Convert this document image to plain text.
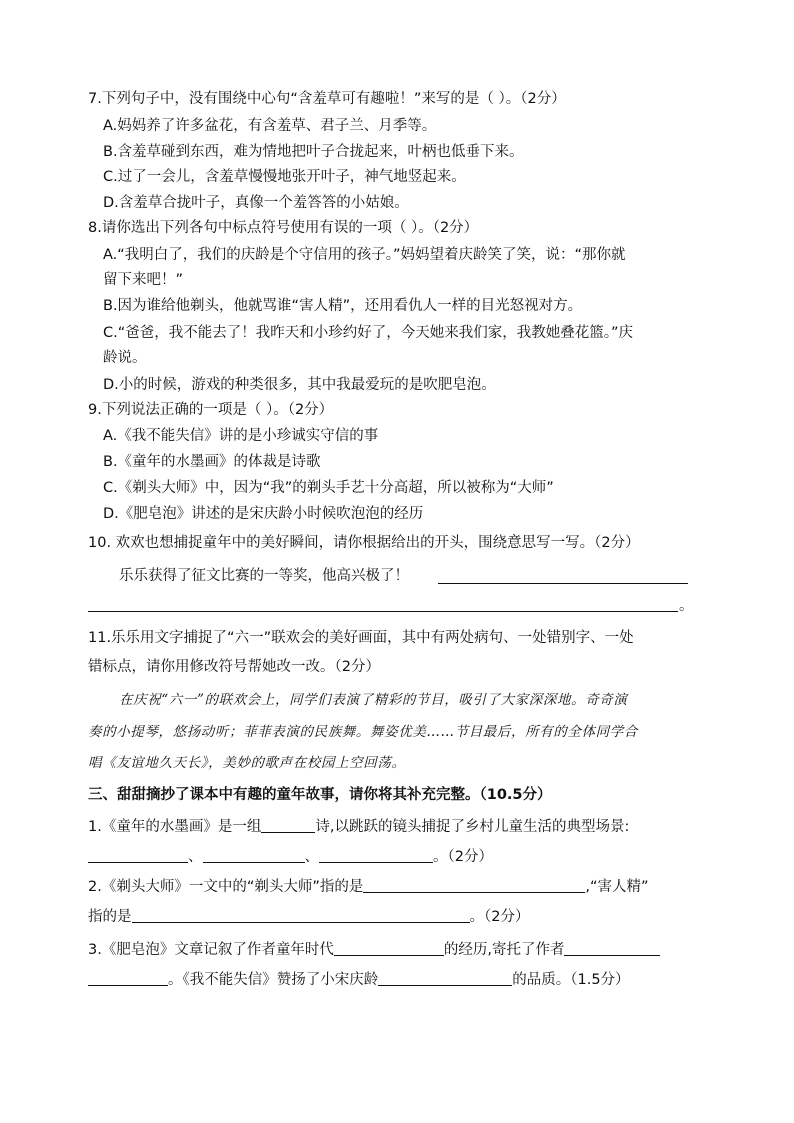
7.下列句子中，没有围绕中心句“含羞草可有趣啦！”来写的是（ ）。（2分）
A.妈妈养了许多盆花，有含羞草、君子兰、月季等。
B.含羞草碰到东西，难为情地把叶子合拢起来，叶柄也低垂下来。
C.过了一会儿，含羞草慢慢地张开叶子，神气地竖起来。
D.含羞草合拢叶子，真像一个羞答答的小姑娘。
8.请你选出下列各句中标点符号使用有误的一项（ ）。（2分）
A.“我明白了，我们的庆龄是个守信用的孩子。”妈妈望着庆龄笑了笑，说：“那你就
留下来吧！”
B.因为谁给他剃头，他就骂谁“害人精”，还用看仇人一样的目光怒视对方。
C.“爸爸，我不能去了！我昨天和小珍约好了，今天她来我们家，我教她叠花篮。”庆
龄说。
D.小的时候，游戏的种类很多，其中我最爱玩的是吹肥皂泡。
9.下列说法正确的一项是（ ）。（2分）
A.《我不能失信》讲的是小珍诚实守信的事
B.《童年的水墨画》的体裁是诗歌
C.《剃头大师》中，因为“我”的剃头手艺十分高超，所以被称为“大师”
D.《肥皂泡》讲述的是宋庆龄小时候吹泡泡的经历
10. 欢欢也想捕捉童年中的美好瞬间，请你根据给出的开头，围绕意思写一写。（2分）
乐乐获得了征文比赛的一等奖，他高兴极了！
。
11.乐乐用文字捕捉了“六一”联欢会的美好画面，其中有两处病句、一处错别字、一处
错标点，请你用修改符号帮她改一改。（2分）
在庆祝“六一”的联欢会上，同学们表演了精彩的节目，吸引了大家深深地。奇奇演
奏的小提琴，悠扬动听；菲菲表演的民族舞。舞姿优美……节目最后，所有的全体同学合
唱《友谊地久天长》，美妙的歌声在校园上空回荡。
三、甜甜摘抄了课本中有趣的童年故事，请你将其补充完整。（10.5分）
1.《童年的水墨画》是一组	诗,以跳跃的镜头捕捉了乡村儿童生活的典型场景:
、	、	。（2分）
2.《剃头大师》一文中的“剃头大师”指的是	,“害人精”
指的是	。（2分）
3.《肥皂泡》文章记叙了作者童年时代	的经历,寄托了作者
。《我不能失信》赞扬了小宋庆龄	的品质。（1.5分）
